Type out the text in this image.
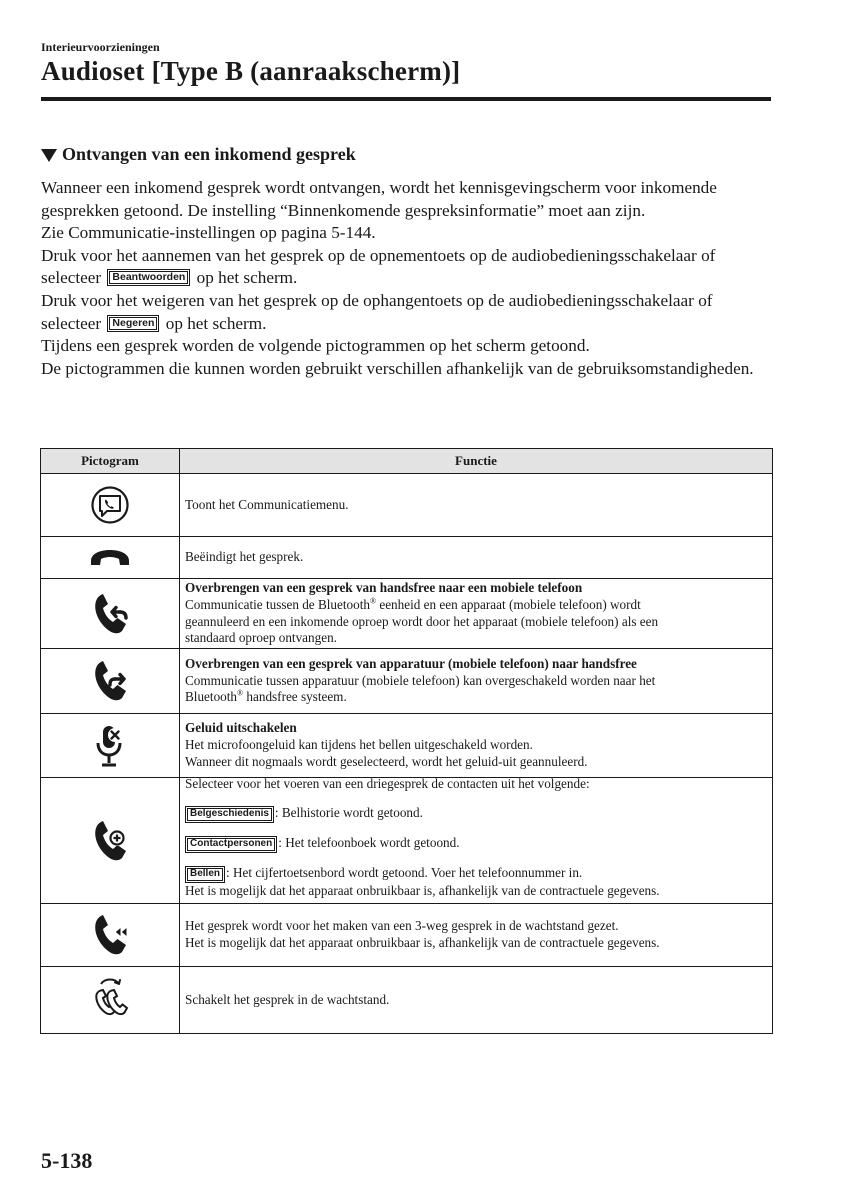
Interieurvoorzieningen
Audioset [Type B (aanraakscherm)]
Ontvangen van een inkomend gesprek

Wanneer een inkomend gesprek wordt ontvangen, wordt het kennisgevingscherm voor inkomende gesprekken getoond. De instelling “Binnenkomende gespreksinformatie” moet aan zijn.

Zie Communicatie-instellingen op pagina 5-144.

Druk voor het aannemen van het gesprek op de opnementoets op de audiobedieningsschakelaar of selecteer Beantwoorden op het scherm.

Druk voor het weigeren van het gesprek op de ophangentoets op de audiobedieningsschakelaar of selecteer Negeren op het scherm.

Tijdens een gesprek worden de volgende pictogrammen op het scherm getoond.

De pictogrammen die kunnen worden gebruikt verschillen afhankelijk van de gebruiksomstandigheden.

Pictogram	Functie
	Toont het Communicatiemenu.
	Beëindigt het gesprek.

Overbrengen van een gesprek van handsfree naar een mobiele telefoon
Communicatie tussen de Bluetooth® eenheid en een apparaat (mobiele telefoon) wordt
geannuleerd en een inkomende oproep wordt door het apparaat (mobiele telefoon) als een
standaard oproep ontvangen.

Overbrengen van een gesprek van apparatuur (mobiele telefoon) naar handsfree
Communicatie tussen apparatuur (mobiele telefoon) kan overgeschakeld worden naar het
Bluetooth® handsfree systeem.

Geluid uitschakelen
Het microfoongeluid kan tijdens het bellen uitgeschakeld worden.
Wanneer dit nogmaals wordt geselecteerd, wordt het geluid-uit geannuleerd.

Selecteer voor het voeren van een driegesprek de contacten uit het volgende:
Belgeschiedenis : Belhistorie wordt getoond.
Contactpersonen : Het telefoonboek wordt getoond.
Bellen : Het cijfertoetsenbord wordt getoond. Voer het telefoonnummer in.
Het is mogelijk dat het apparaat onbruikbaar is, afhankelijk van de contractuele gegevens.

Het gesprek wordt voor het maken van een 3-weg gesprek in de wachtstand gezet.
Het is mogelijk dat het apparaat onbruikbaar is, afhankelijk van de contractuele gegevens.

	Schakelt het gesprek in de wachtstand.
5-138
